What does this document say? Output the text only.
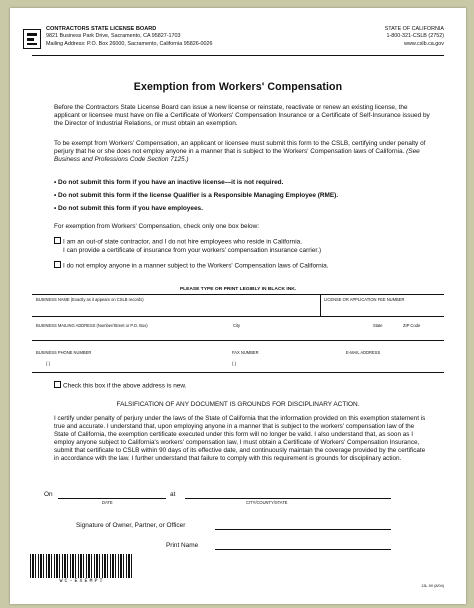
CONTRACTORS STATE LICENSE BOARD
9821 Business Park Drive, Sacramento, CA 95827-1703
Mailing Address: P.O. Box 26000, Sacramento, California 95826-0026
STATE OF CALIFORNIA
1-800-321-CSLB (2752)
www.cslb.ca.gov
Exemption from Workers' Compensation
Before the Contractors State License Board can issue a new license or reinstate, reactivate or renew an existing license, the applicant or licensee must have on file a Certificate of Workers' Compensation Insurance or a Certificate of Self-Insurance issued by the Director of Industrial Relations, or must obtain an exemption.
To be exempt from Workers' Compensation, an applicant or licensee must submit this form to the CSLB, certifying under penalty of perjury that he or she does not employ anyone in a manner that is subject to the Workers' Compensation laws of California. (See Business and Professions Code Section 7125.)
• Do not submit this form if you have an inactive license—it is not required.
• Do not submit this form if the license Qualifier is a Responsible Managing Employee (RME).
• Do not submit this form if you have employees.
For exemption from Workers' Compensation, check only one box below:
I am an out-of state contractor, and I do not hire employees who reside in California.
I can provide a certificate of insurance from your workers' compensation insurance carrier.)
I do not employ anyone in a manner subject to the Workers' Compensation laws of California.
PLEASE TYPE OR PRINT LEGIBLY IN BLACK INK.
BUSINESS NAME (Exactly as it appears on CSLB records)	LICENSE OR APPLICATION FEE NUMBER
BUSINESS MAILING ADDRESS (Number/Street or P.O. Box)	City	State	ZIP Code
BUSINESS PHONE NUMBER	FAX NUMBER	E-MAIL ADDRESS
( )	( )
Check this box if the above address is new.
FALSIFICATION OF ANY DOCUMENT IS GROUNDS FOR DISCIPLINARY ACTION.
I certify under penalty of perjury under the laws of the State of California that the information provided on this exemption statement is true and accurate. I understand that, upon employing anyone in a manner that is subject to the workers' compensation law of the State of California, the exemption certificate executed under this form will no longer be valid. I also understand that, as soon as I employ anyone subject to California's workers' compensation law, I must obtain a Certificate of Workers' Compensation Insurance, submit that certificate to CSLB within 90 days of its effective date, and continuously maintain the coverage provided by the certificate in accordance with the law. I further understand that failure to comply with this requirement is grounds for disciplinary action.
On	at
DATE	CITY/COUNTY/STATE
Signature of Owner, Partner, or Officer
Print Name
WC-EXEMPT
13L-90 (8/04)
